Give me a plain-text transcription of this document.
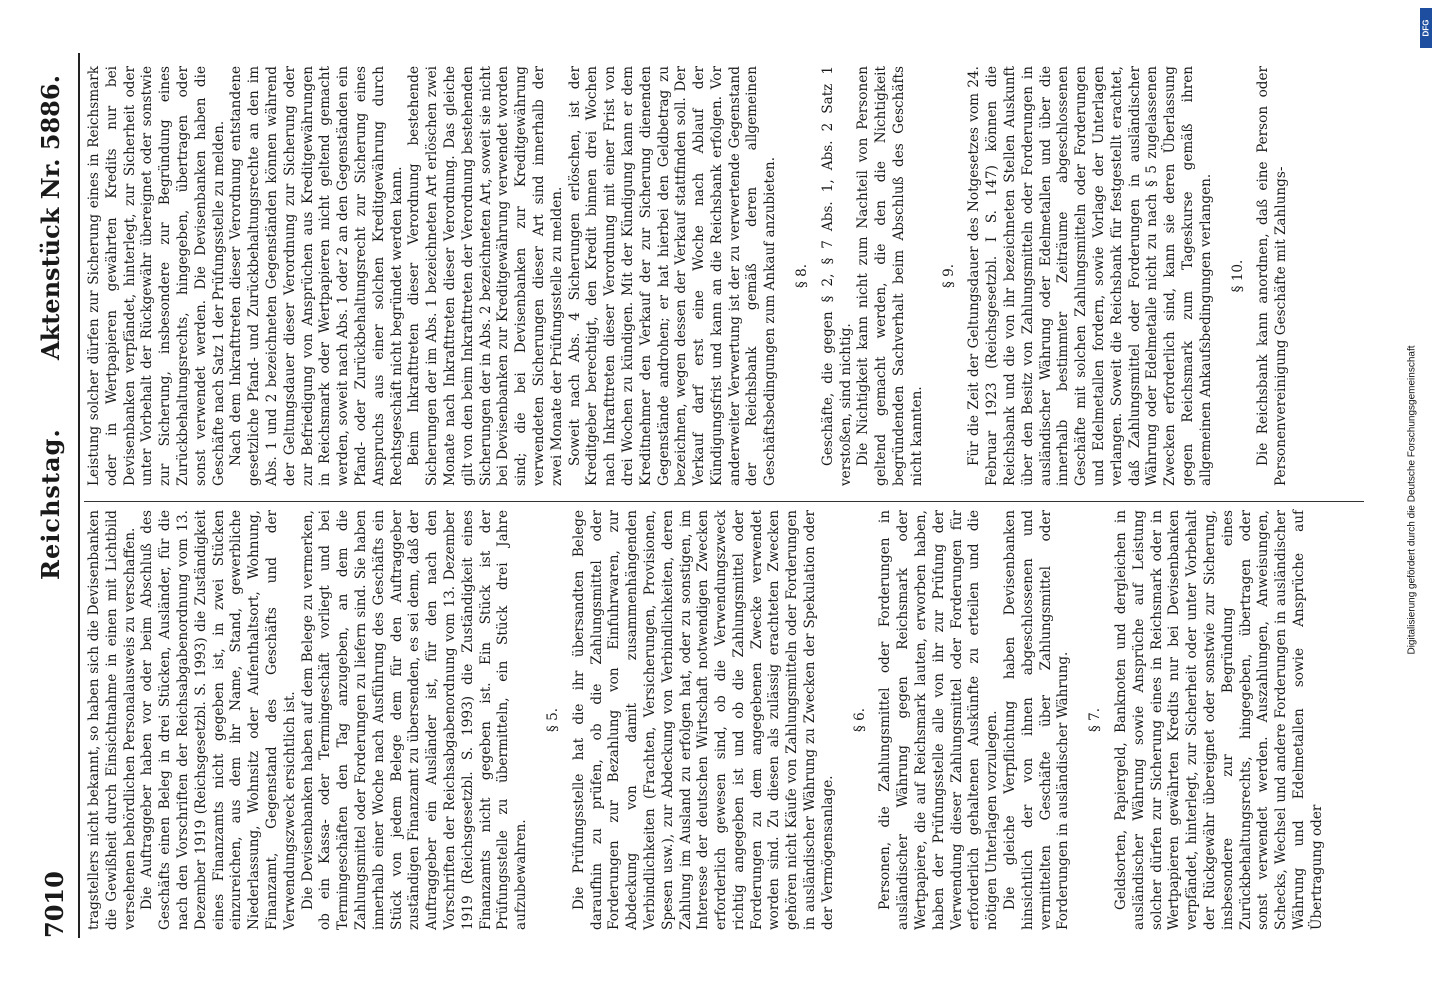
7010
Reichstag.
Aktenstück Nr. 5886.

tragstellers nicht bekannt, so haben sich die Devisenbanken die Gewißheit durch Einsichtnahme in einen mit Lichtbild versehenen behördlichen Personalausweis zu verschaffen. Die Auftraggeber haben vor oder beim Abschluß des Geschäfts einen Beleg in drei Stücken, Ausländer, für die nach den Vorschriften der Reichsabgabenordnung vom 13. Dezember 1919 (Reichsgesetzbl. S. 1993) die Zuständigkeit eines Finanzamts nicht gegeben ist, in zwei Stücken einzureichen, aus dem ihr Name, Stand, gewerbliche Niederlassung, Wohnsitz oder Aufenthaltsort, Wohnung, Finanzamt, Gegenstand des Geschäfts und der Verwendungszweck ersichtlich ist. Die Devisenbanken haben auf dem Belege zu vermerken, ob ein Kassa- oder Termingeschäft vorliegt und bei Termingeschäften den Tag anzugeben, an dem die Zahlungsmittel oder Forderungen zu liefern sind. Sie haben innerhalb einer Woche nach Ausführung des Geschäfts ein Stück von jedem Belege dem für den Auftraggeber zuständigen Finanzamt zu übersenden, es sei denn, daß der Auftraggeber ein Ausländer ist, für den nach den Vorschriften der Reichsabgabenordnung vom 13. Dezember 1919 (Reichsgesetzbl. S. 1993) die Zuständigkeit eines Finanzamts nicht gegeben ist. Ein Stück ist der Prüfungsstelle zu übermitteln, ein Stück drei Jahre aufzubewahren.

§ 5. Die Prüfungsstelle hat die ihr übersandten Belege daraufhin zu prüfen, ob die Zahlungsmittel oder Forderungen zur Bezahlung von Einfuhrwaren, zur Abdeckung von damit zusammenhängenden Verbindlichkeiten (Frachten, Versicherungen, Provisionen, Spesen usw.), zur Abdeckung von Verbindlichkeiten, deren Zahlung im Ausland zu erfolgen hat, oder zu sonstigen, im Interesse der deutschen Wirtschaft notwendigen Zwecken erforderlich gewesen sind, ob die Verwendungszweck richtig angegeben ist und ob die Zahlungsmittel oder Forderungen zu dem angegebenen Zwecke verwendet worden sind. Zu diesen als zulässig erachteten Zwecken gehören nicht Käufe von Zahlungsmitteln oder Forderungen in ausländischer Währung zu Zwecken der Spekulation oder der Vermögensanlage.

§ 6. Personen, die Zahlungsmittel oder Forderungen in ausländischer Währung gegen Reichsmark oder Wertpapiere, die auf Reichsmark lauten, erworben haben, haben der Prüfungsstelle alle von ihr zur Prüfung der Verwendung dieser Zahlungsmittel oder Forderungen für erforderlich gehaltenen Auskünfte zu erteilen und die nötigen Unterlagen vorzulegen. Die gleiche Verpflichtung haben Devisenbanken hinsichtlich der von ihnen abgeschlossenen und vermittelten Geschäfte über Zahlungsmittel oder Forderungen in ausländischer Währung. § 7. Geldsorten, Papiergeld, Banknoten und dergleichen in ausländischer Währung sowie Ansprüche auf Leistung solcher dürfen zur Sicherung eines in Reichsmark oder in Wertpapieren gewährten Kredits nur bei Devisenbanken verpfändet, hinterlegt, zur Sicherheit oder unter Vorbehalt der Rückgewähr übereignet oder sonstwie zur Sicherung, insbesondere zur Begründung eines Zurückbehaltungsrechts, hingegeben, übertragen oder sonst verwendet werden. Auszahlungen, Anweisungen, Schecks, Wechsel und andere Forderungen in ausländischer Währung und Edelmetallen sowie Ansprüche auf Übertragung oder

Leistung solcher dürfen zur Sicherung eines in Reichsmark oder in Wertpapieren gewährten Kredits nur bei Devisenbanken verpfändet, hinterlegt, zur Sicherheit oder unter Vorbehalt der Rückgewähr übereignet oder sonstwie zur Sicherung, insbesondere zur Begründung eines Zurückbehaltungsrechts, hingegeben, übertragen oder sonst verwendet werden. Die Devisenbanken haben die Geschäfte nach Satz 1 der Prüfungsstelle zu melden. Nach dem Inkrafttreten dieser Verordnung entstandene gesetzliche Pfand- und Zurückbehaltungsrechte an den im Abs. 1 und 2 bezeichneten Gegenständen können während der Geltungsdauer dieser Verordnung zur Sicherung oder zur Befriedigung von Ansprüchen aus Kreditgewährungen in Reichsmark oder Wertpapieren nicht geltend gemacht werden, soweit nach Abs. 1 oder 2 an den Gegenständen ein Pfand- oder Zurückbehaltungsrecht zur Sicherung eines Anspruchs aus einer solchen Kreditgewährung durch Rechtsgeschäft nicht begründet werden kann. Beim Inkrafttreten dieser Verordnung bestehende Sicherungen der im Abs. 1 bezeichneten Art erlöschen zwei Monate nach Inkrafttreten dieser Verordnung. Das gleiche gilt von den beim Inkrafttreten der Verordnung bestehenden Sicherungen der in Abs. 2 bezeichneten Art, soweit sie nicht bei Devisenbanken zur Kreditgewährung verwendet worden sind; die bei Devisenbanken zur Kreditgewährung verwendeten Sicherungen dieser Art sind innerhalb der zwei Monate der Prüfungsstelle zu melden. Soweit nach Abs. 4 Sicherungen erlöschen, ist der Kreditgeber berechtigt, den Kredit binnen drei Wochen nach Inkrafttreten dieser Verordnung mit einer Frist von drei Wochen zu kündigen. Mit der Kündigung kann er dem Kreditnehmer den Verkauf der zur Sicherung dienenden Gegenstände androhen; er hat hierbei den Geldbetrag zu bezeichnen, wegen dessen der Verkauf stattfinden soll. Der Verkauf darf erst eine Woche nach Ablauf der Kündigungsfrist und kann an die Reichsbank erfolgen. Vor anderweiter Verwertung ist der zu verwertende Gegenstand der Reichsbank gemäß deren allgemeinen Geschäftsbedingungen zum Ankauf anzubieten. § 8. Geschäfte, die gegen § 2, § 7 Abs. 1, Abs. 2 Satz 1 verstoßen, sind nichtig. Die Nichtigkeit kann nicht zum Nachteil von Personen geltend gemacht werden, die den die Nichtigkeit begründenden Sachverhalt beim Abschluß des Geschäfts nicht kannten.

§ 9. Für die Zeit der Geltungsdauer des Notgesetzes vom 24. Februar 1923 (Reichsgesetzbl. I S. 147) können die Reichsbank und die von ihr bezeichneten Stellen Auskunft über den Besitz von Zahlungsmitteln oder Forderungen in ausländischer Währung oder Edelmetallen und über die innerhalb bestimmter Zeiträume abgeschlossenen Geschäfte mit solchen Zahlungsmitteln oder Forderungen und Edelmetallen fordern, sowie Vorlage der Unterlagen verlangen. Soweit die Reichsbank für festgestellt erachtet, daß Zahlungsmittel oder Forderungen in ausländischer Währung oder Edelmetalle nicht zu nach § 5 zugelassenen Zwecken erforderlich sind, kann sie deren Überlassung gegen Reichsmark zum Tageskurse gemäß ihren allgemeinen Ankaufsbedingungen verlangen. § 10. Die Reichsbank kann anordnen, daß eine Person oder Personenvereinigung Geschäfte mit Zahlungs-

Digitalisierung gefördert durch die Deutsche Forschungsgemeinschaft
DFG
